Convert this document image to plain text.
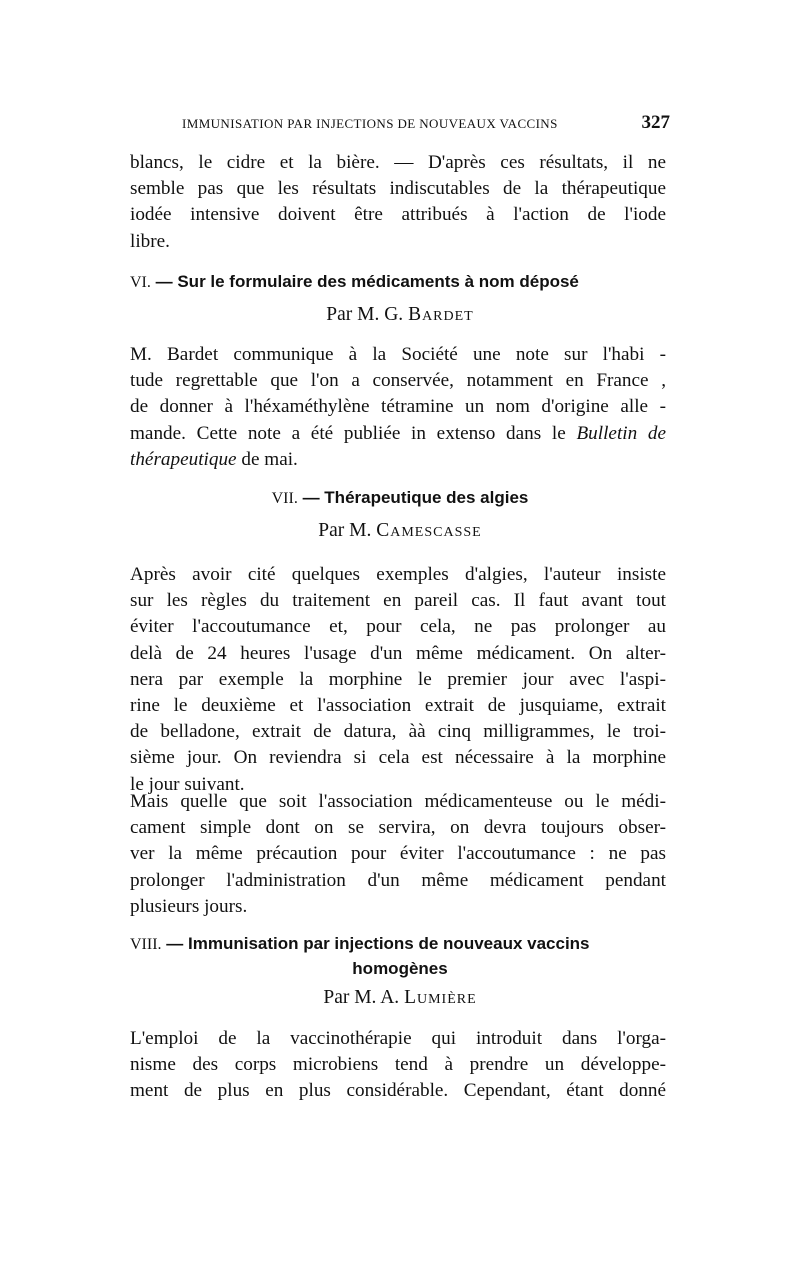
IMMUNISATION PAR INJECTIONS DE NOUVEAUX VACCINS	327
blancs, le cidre et la bière. — D'après ces résultats, il ne
semble pas que les résultats indiscutables de la thérapeutique
iodée intensive doivent être attribués à l'action de l'iode
libre.
VI. — Sur le formulaire des médicaments à nom déposé
Par M. G. Bardet
M. Bardet communique à la Société une note sur l'habi -
tude regrettable que l'on a conservée, notamment en France ,
de donner à l'héxaméthylène tétramine un nom d'origine alle -
mande. Cette note a été publiée in extenso dans le Bulletin de
thérapeutique de mai.
VII. — Thérapeutique des algies
Par M. Camescasse
Après avoir cité quelques exemples d'algies, l'auteur insiste
sur les règles du traitement en pareil cas. Il faut avant tout
éviter l'accoutumance et, pour cela, ne pas prolonger au
delà de 24 heures l'usage d'un même médicament. On alter-
nera par exemple la morphine le premier jour avec l'aspi-
rine le deuxième et l'association extrait de jusquiame, extrait
de belladone, extrait de datura, àà cinq milligrammes, le troi-
sième jour. On reviendra si cela est nécessaire à la morphine
le jour suivant.
Mais quelle que soit l'association médicamenteuse ou le médi-
cament simple dont on se servira, on devra toujours obser-
ver la même précaution pour éviter l'accoutumance : ne pas
prolonger l'administration d'un même médicament pendant
plusieurs jours.
VIII. — Immunisation par injections de nouveaux vaccins
homogènes
Par M. A. Lumière
L'emploi de la vaccinothérapie qui introduit dans l'orga-
nisme des corps microbiens tend à prendre un développe-
ment de plus en plus considérable. Cependant, étant donné
